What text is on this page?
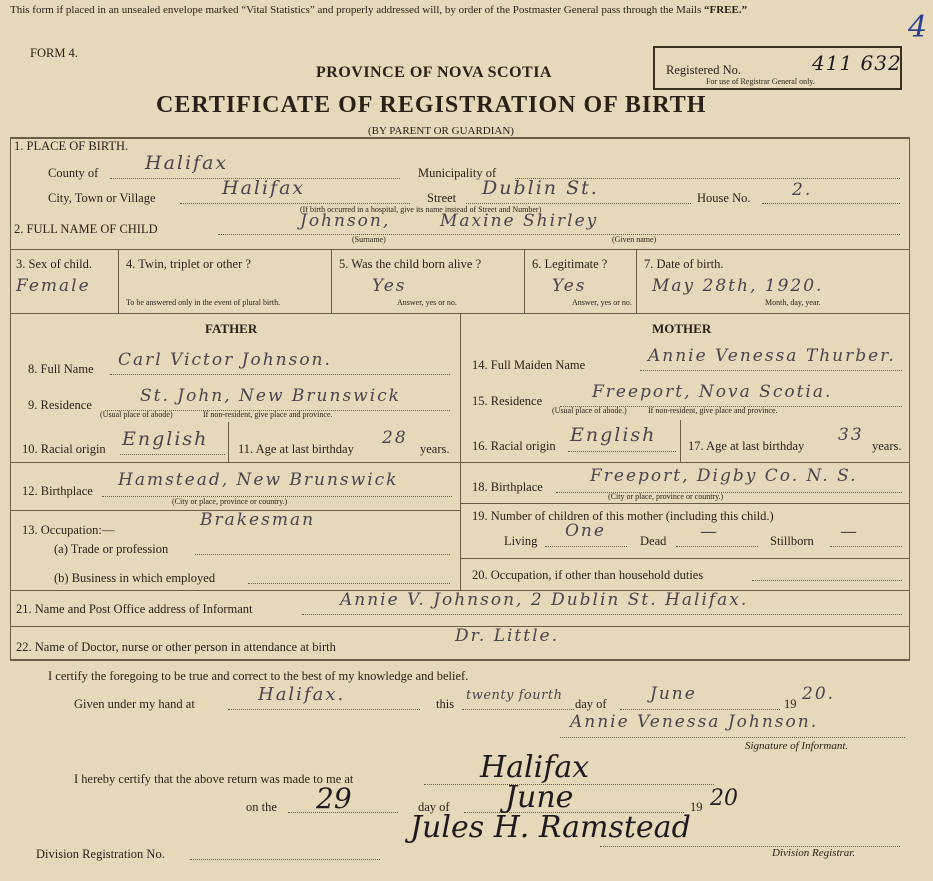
This form if placed in an unsealed envelope marked “Vital Statistics” and properly addressed will, by order of the Postmaster General pass through the Mails “FREE.”
FORM 4.
PROVINCE OF NOVA SCOTIA
CERTIFICATE OF REGISTRATION OF BIRTH
(BY PARENT OR GUARDIAN)
Registered No.	411 632
For use of Registrar General only.
4
1. PLACE OF BIRTH.
County of Halifax	Municipality of
City, Town or Village	Halifax	Street Dublin St.	House No. 2.
(If birth occurred in a hospital, give its name instead of Street and Number)
2. FULL NAME OF CHILD	Johnson,	Maxine Shirley
(Surname)	(Given name)
3. Sex of child.
Female
4. Twin, triplet or other ?
To be answered only in the event of plural birth.
5. Was the child born alive ?
Yes
Answer, yes or no.
6. Legitimate ?
Yes
Answer, yes or no.
7. Date of birth.
May 28th, 1920.
Month, day, year.
FATHER	MOTHER
8. Full Name Carl Victor Johnson.
9. Residence	St. John, New Brunswick
(Usual place of abode)	If non-resident, give place and province.
10. Racial origin English 11. Age at last birthday
28
years.
12. Birthplace
Hamstead, New Brunswick
(City or place, province or country.)
13. Occupation:—	Brakesman
(a) Trade or profession
(b) Business in which employed
14. Full Maiden Name	Annie Venessa Thurber.
15. Residence	Freeport, Nova Scotia.
(Usual place of abode.)	If non-resident, give place and province.
16. Racial origin English	17. Age at last birthday
33
years.
18. Birthplace
Freeport, Digby Co. N. S.
(City or place, province or country.)
19. Number of children of this mother (including this child.)
Living One	Dead —	Stillborn —
20. Occupation, if other than household duties
21. Name and Post Office address of Informant	Annie V. Johnson, 2 Dublin St. Halifax.
22. Name of Doctor, nurse or other person in attendance at birth
Dr. Little.
I certify the foregoing to be true and correct to the best of my knowledge and belief.
Given under my hand at	Halifax.	this
twenty fourth
day of	June	19 20.
Annie Venessa Johnson.
Signature of Informant.
I hereby certify that the above return was made to me at	Halifax
on the 29	day of June	19 20
Division Registration No.
Jules H. Ramstead
Division Registrar.
